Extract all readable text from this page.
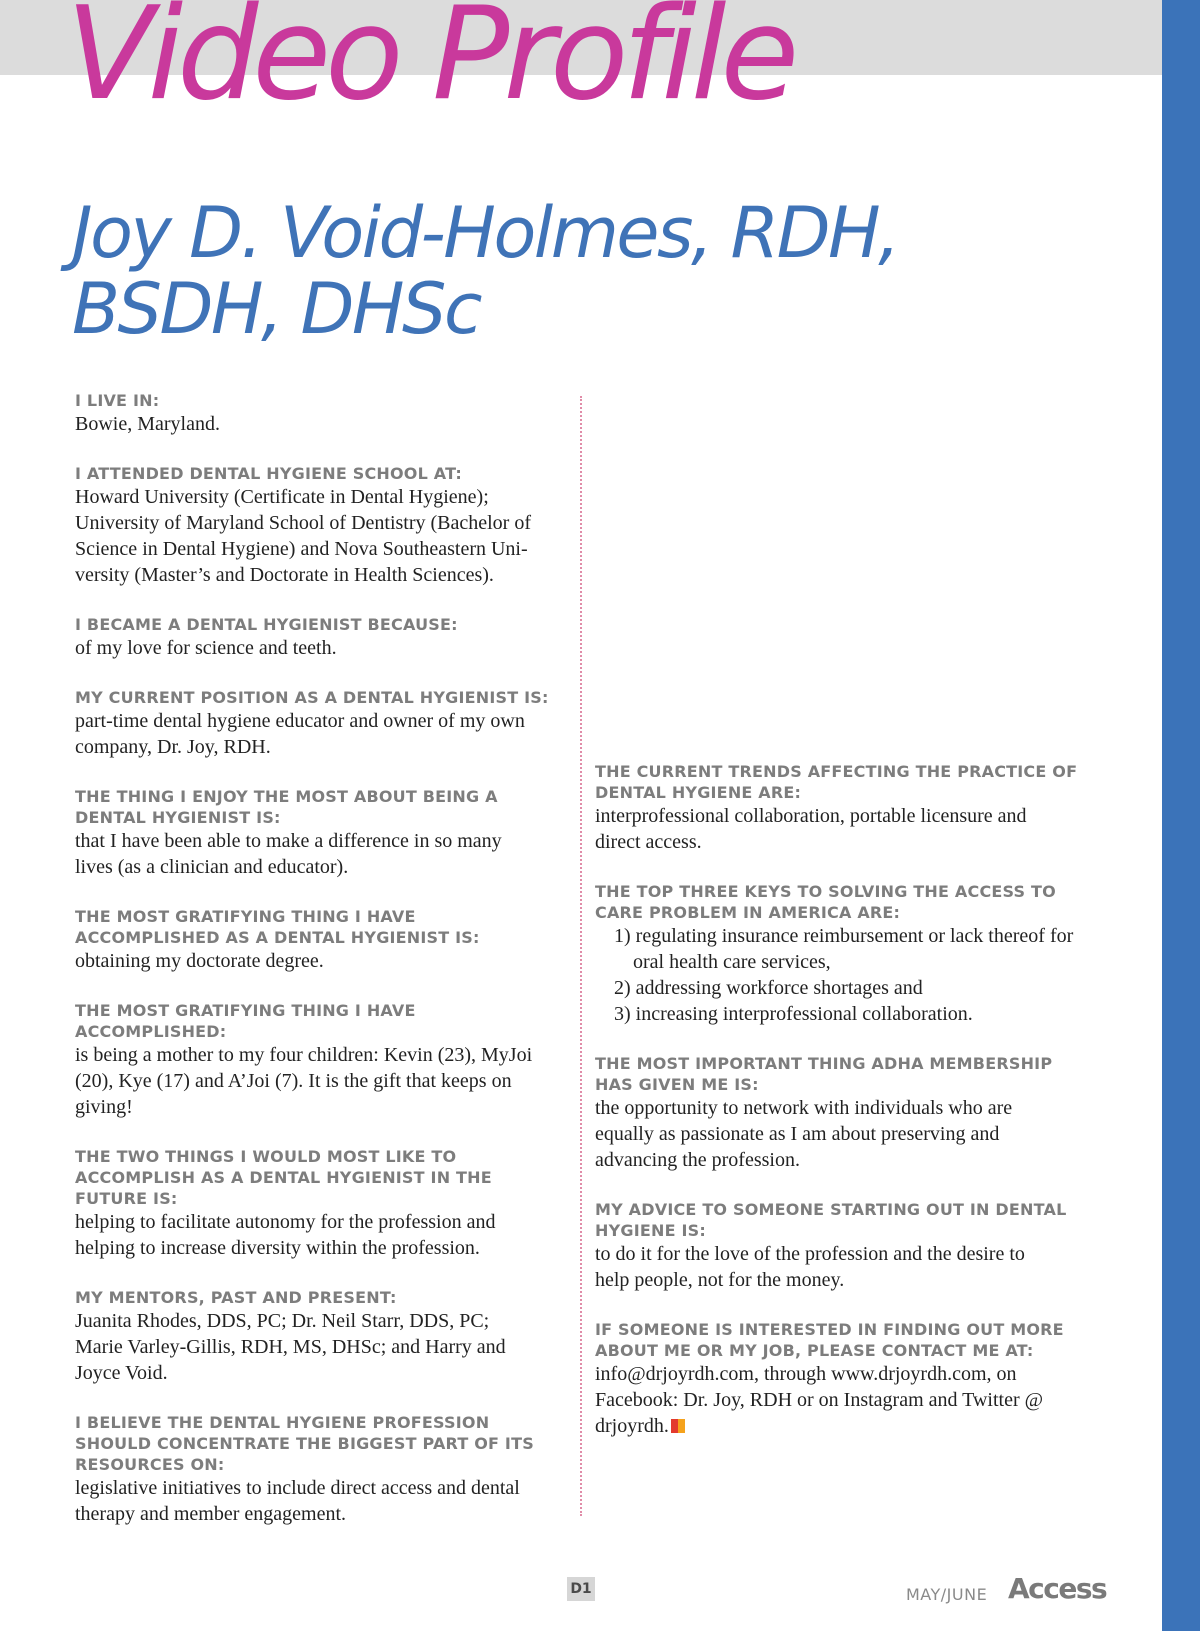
Video Profile
Joy D. Void-Holmes, RDH,
BSDH, DHSc
I LIVE IN:
Bowie, Maryland.
I ATTENDED DENTAL HYGIENE SCHOOL AT:
Howard University (Certificate in Dental Hygiene);
University of Maryland School of Dentistry (Bachelor of
Science in Dental Hygiene) and Nova Southeastern Uni-
versity (Master’s and Doctorate in Health Sciences).
I BECAME A DENTAL HYGIENIST BECAUSE:
of my love for science and teeth.
MY CURRENT POSITION AS A DENTAL HYGIENIST IS:
part-time dental hygiene educator and owner of my own
company, Dr. Joy, RDH.
THE THING I ENJOY THE MOST ABOUT BEING A DENTAL HYGIENIST IS:
that I have been able to make a difference in so many
lives (as a clinician and educator).
THE MOST GRATIFYING THING I HAVE ACCOMPLISHED AS A DENTAL HYGIENIST IS:
obtaining my doctorate degree.
THE MOST GRATIFYING THING I HAVE ACCOMPLISHED:
is being a mother to my four children: Kevin (23), MyJoi
(20), Kye (17) and A’Joi (7). It is the gift that keeps on
giving!
THE TWO THINGS I WOULD MOST LIKE TO ACCOMPLISH AS A DENTAL HYGIENIST IN THE FUTURE IS:
helping to facilitate autonomy for the profession and
helping to increase diversity within the profession.
MY MENTORS, PAST AND PRESENT:
Juanita Rhodes, DDS, PC; Dr. Neil Starr, DDS, PC;
Marie Varley-Gillis, RDH, MS, DHSc; and Harry and
Joyce Void.
I BELIEVE THE DENTAL HYGIENE PROFESSION SHOULD CONCENTRATE THE BIGGEST PART OF ITS RESOURCES ON:
legislative initiatives to include direct access and dental
therapy and member engagement.
THE CURRENT TRENDS AFFECTING THE PRACTICE OF DENTAL HYGIENE ARE:
interprofessional collaboration, portable licensure and
direct access.
THE TOP THREE KEYS TO SOLVING THE ACCESS TO CARE PROBLEM IN AMERICA ARE:
1) regulating insurance reimbursement or lack thereof for oral health care services,
2) addressing workforce shortages and
3) increasing interprofessional collaboration.
THE MOST IMPORTANT THING ADHA MEMBERSHIP HAS GIVEN ME IS:
the opportunity to network with individuals who are
equally as passionate as I am about preserving and
advancing the profession.
MY ADVICE TO SOMEONE STARTING OUT IN DENTAL HYGIENE IS:
to do it for the love of the profession and the desire to
help people, not for the money.
IF SOMEONE IS INTERESTED IN FINDING OUT MORE ABOUT ME OR MY JOB, PLEASE CONTACT ME AT:
info@drjoyrdh.com, through www.drjoyrdh.com, on
Facebook: Dr. Joy, RDH or on Instagram and Twitter @
drjoyrdh.
D1	MAY/JUNE Access
